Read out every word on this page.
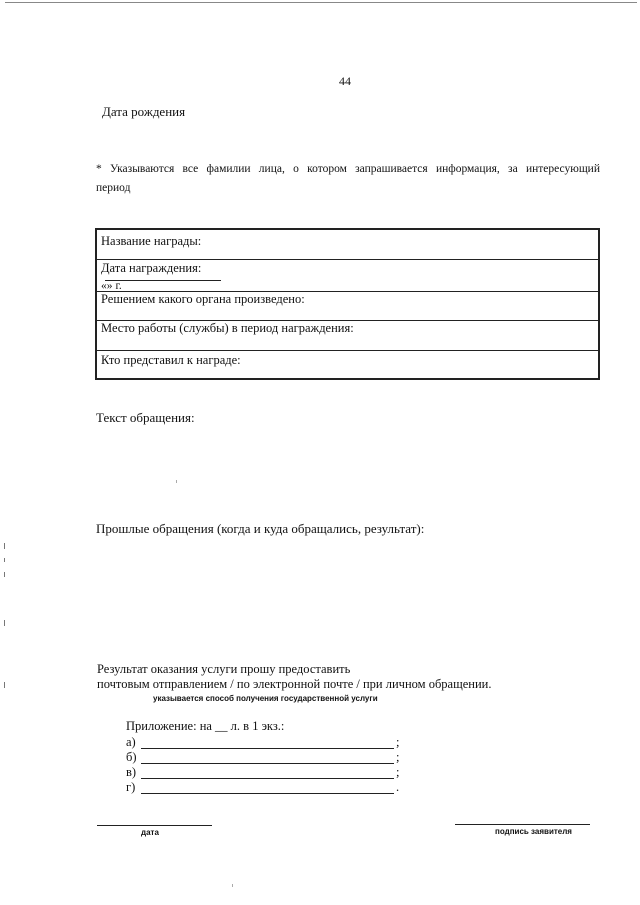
44
Дата рождения
* Указываются все фамилии лица, о котором запрашивается информация, за интересующий
период
Название награды:
Дата награждения:
«
» г.
Решением какого органа произведено:
Место работы (службы) в период награждения:
Кто представил к награде:
Текст обращения:
Прошлые обращения (когда и куда обращались, результат):
Результат оказания услуги прошу предоставить
почтовым отправлением / по электронной почте / при личном обращении.
указывается способ получения государственной услуги
Приложение: на __ л. в 1 экз.:
а)	;
б)	;
в)	;
г)	.
дата	подпись заявителя
